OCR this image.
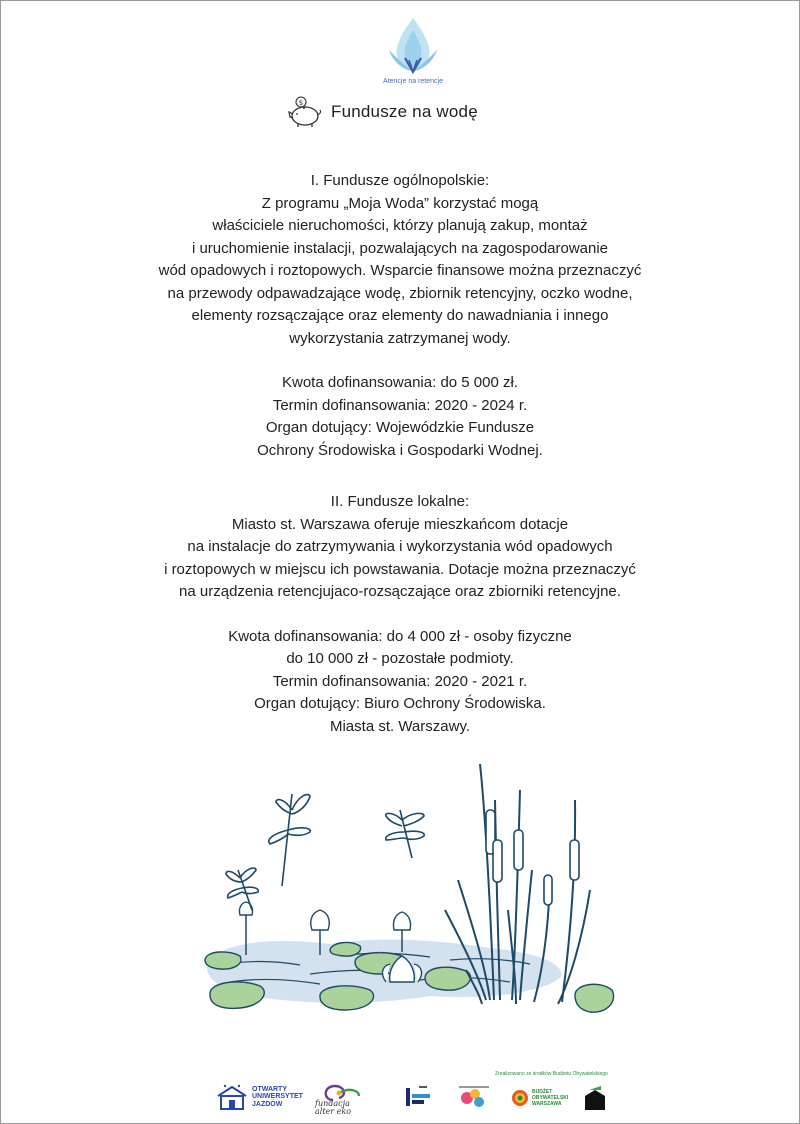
Atencje na retencje
$ Fundusze na wodę

I. Fundusze ogólnopolskie:

Z programu „Moja Woda” korzystać mogą

właściciele nieruchomości, którzy planują zakup, montaż

i uruchomienie instalacji, pozwalających na zagospodarowanie

wód opadowych i roztopowych. Wsparcie finansowe można przeznaczyć

na przewody odpawadzające wodę, zbiornik retencyjny, oczko wodne,

elementy rozsączające oraz elementy do nawadniania i innego

wykorzystania zatrzymanej wody.

Kwota dofinansowania: do 5 000 zł.

Termin dofinansowania: 2020 - 2024 r.

Organ dotujący: Wojewódzkie Fundusze

Ochrony Środowiska i Gospodarki Wodnej.

II. Fundusze lokalne:

Miasto st. Warszawa oferuje mieszkańcom dotacje

na instalacje do zatrzymywania i wykorzystania wód opadowych

i roztopowych w miejscu ich powstawania. Dotacje można przeznaczyć

na urządzenia retencjujaco-rozsączające oraz zbiorniki retencyjne.

Kwota dofinansowania: do 4 000 zł - osoby fizyczne

do 10 000 zł - pozostałe podmioty.

Termin dofinansowania: 2020 - 2021 r.

Organ dotujący: Biuro Ochrony Środowiska.

Miasta st. Warszawy.

Zrealizowano ze środków Budżetu Obywatelskiego
OTWARTY
UNIWERSYTET
JAZDÓW	fundacja
alter eko
BUDŻET
OBYWATELSKI
WARSZAWA
